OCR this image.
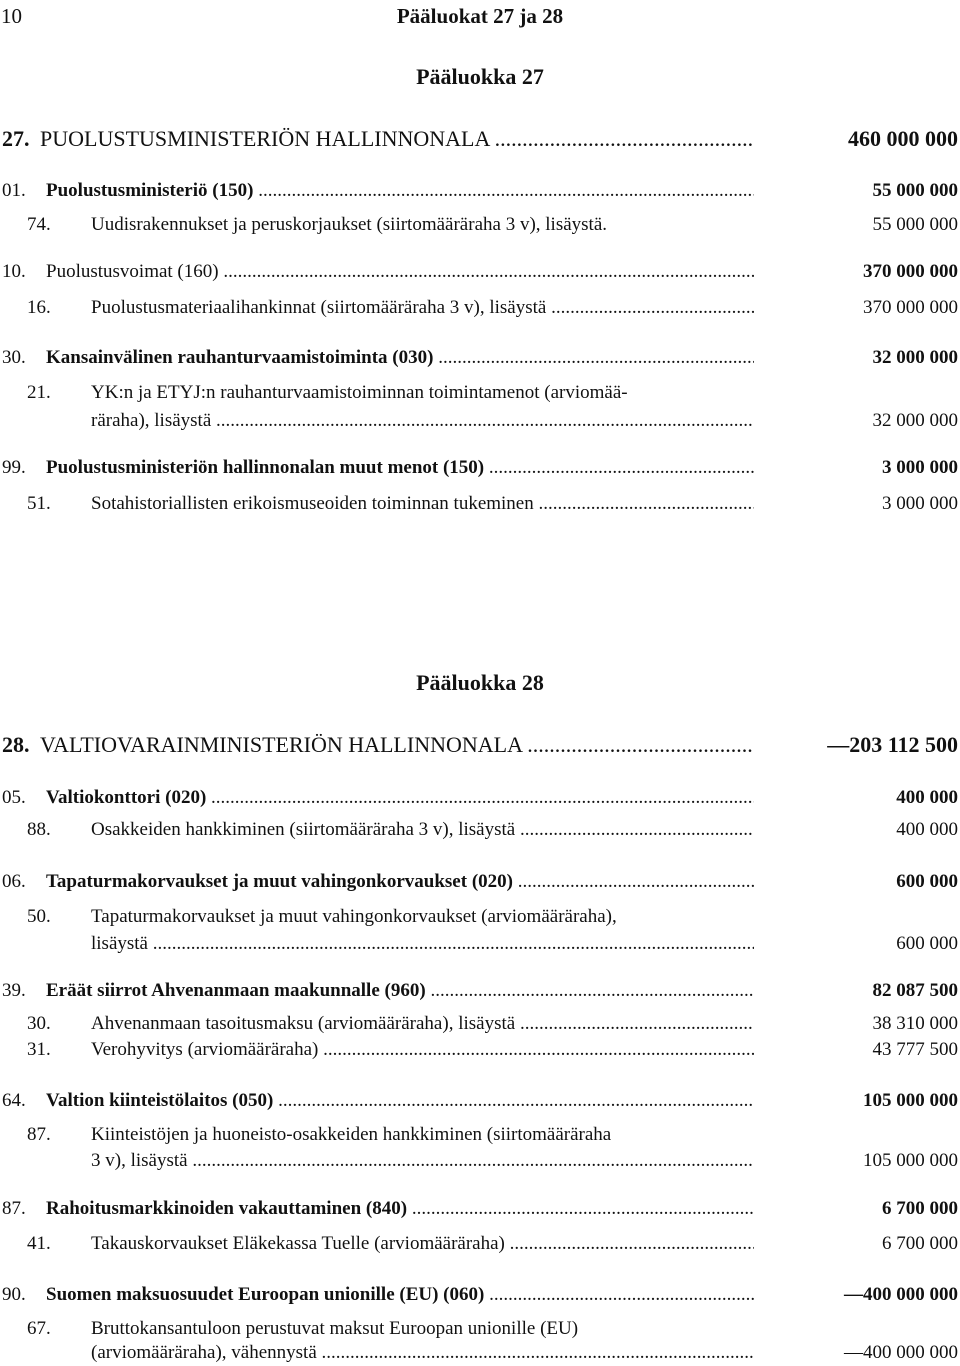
10	Pääluokat 27 ja 28
Pääluokka 27
27. PUOLUSTUSMINISTERIÖN HALLINNONALA .....	460 000 000
01. Puolustusministeriö (150) .....	55 000 000
74. Uudisrakennukset ja peruskorjaukset (siirtomääräraha 3 v), lisäystä.	55 000 000
10. Puolustusvoimat (160) .....	370 000 000
16. Puolustusmateriaalihankinnat (siirtomääräraha 3 v), lisäystä .....	370 000 000
30. Kansainvälinen rauhanturvaamistoiminta (030) .....	32 000 000
21. YK:n ja ETYJ:n rauhanturvaamistoiminnan toimintamenot (arviomää-
räraha), lisäystä .....	32 000 000
99. Puolustusministeriön hallinnonalan muut menot (150) .....	3 000 000
51. Sotahistoriallisten erikoismuseoiden toiminnan tukeminen .....	3 000 000
Pääluokka 28
28. VALTIOVARAINMINISTERIÖN HALLINNONALA .....	—203 112 500
05. Valtiokonttori (020) .....	400 000
88. Osakkeiden hankkiminen (siirtomääräraha 3 v), lisäystä .....	400 000
06. Tapaturmakorvaukset ja muut vahingonkorvaukset (020) .....	600 000
50. Tapaturmakorvaukset ja muut vahingonkorvaukset (arviomääräraha),
lisäystä .....	600 000
39. Eräät siirrot Ahvenanmaan maakunnalle (960) .....	82 087 500
30. Ahvenanmaan tasoitusmaksu (arviomääräraha), lisäystä .....	38 310 000
31. Verohyvitys (arviomääräraha) .....	43 777 500
64. Valtion kiinteistölaitos (050) .....	105 000 000
87. Kiinteistöjen ja huoneisto-osakkeiden hankkiminen (siirtomääräraha
3 v), lisäystä .....	105 000 000
87. Rahoitusmarkkinoiden vakauttaminen (840) .....	6 700 000
41. Takauskorvaukset Eläkekassa Tuelle (arviomääräraha) .....	6 700 000
90. Suomen maksuosuudet Euroopan unionille (EU) (060) .....	—400 000 000
67. Bruttokansantuloon perustuvat maksut Euroopan unionille (EU)
(arviomääräraha), vähennystä .....	—400 000 000
